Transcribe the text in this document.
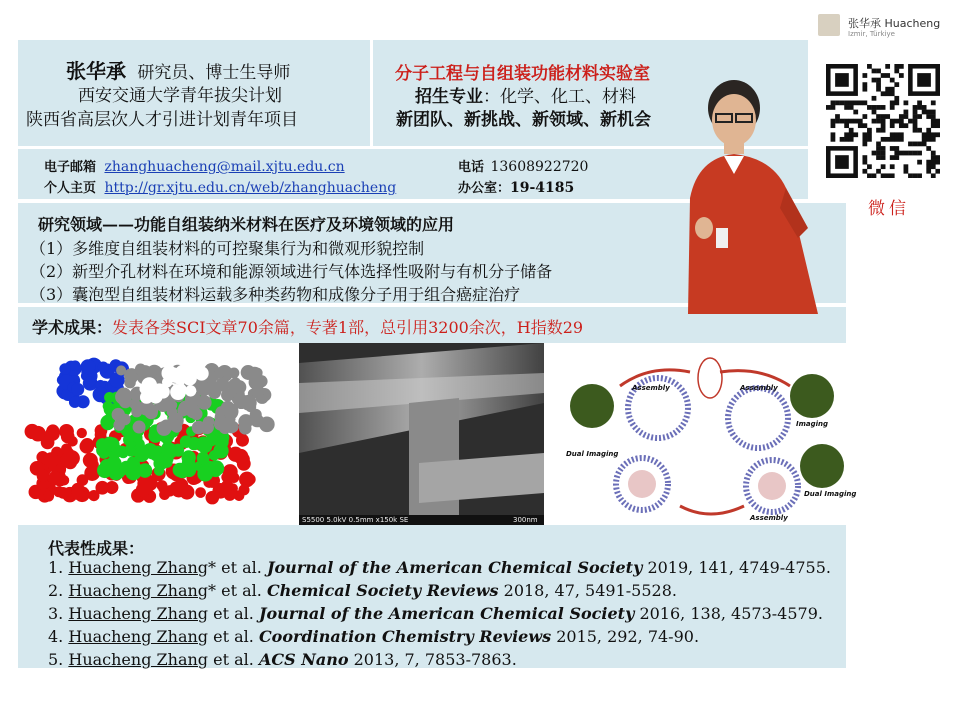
张华承 Huacheng
Izmir, Türkiye
张华承 研究员、博士生导师
西安交通大学青年拔尖计划
陕西省高层次人才引进计划青年项目
分子工程与自组装功能材料实验室
招生专业：化学、化工、材料
新团队、新挑战、新领域、新机会
电子邮箱 zhanghuacheng@mail.xjtu.edu.cn
个人主页 http://gr.xjtu.edu.cn/web/zhanghuacheng
电话 13608922720
办公室：19-4185
研究领域——功能自组装纳米材料在医疗及环境领域的应用
（1）多维度自组装材料的可控聚集行为和微观形貌控制
（2）新型介孔材料在环境和能源领域进行气体选择性吸附与有机分子储备
（3）囊泡型自组装材料运载多种类药物和成像分子用于组合癌症治疗
学术成果：发表各类SCI文章70余篇，专著1部，总引用3200余次，H指数29
微信
S5500 5.0kV 0.5mm x150k SE	300nm
Assembly	Assembly
Imaging
Dual Imaging
Dual Imaging
Assembly
代表性成果：
1. Huacheng Zhang* et al. Journal of the American Chemical Society 2019, 141, 4749-4755.
2. Huacheng Zhang* et al. Chemical Society Reviews 2018, 47, 5491-5528.
3. Huacheng Zhang et al. Journal of the American Chemical Society 2016, 138, 4573-4579.
4. Huacheng Zhang et al. Coordination Chemistry Reviews 2015, 292, 74-90.
5. Huacheng Zhang et al. ACS Nano 2013, 7, 7853-7863.
